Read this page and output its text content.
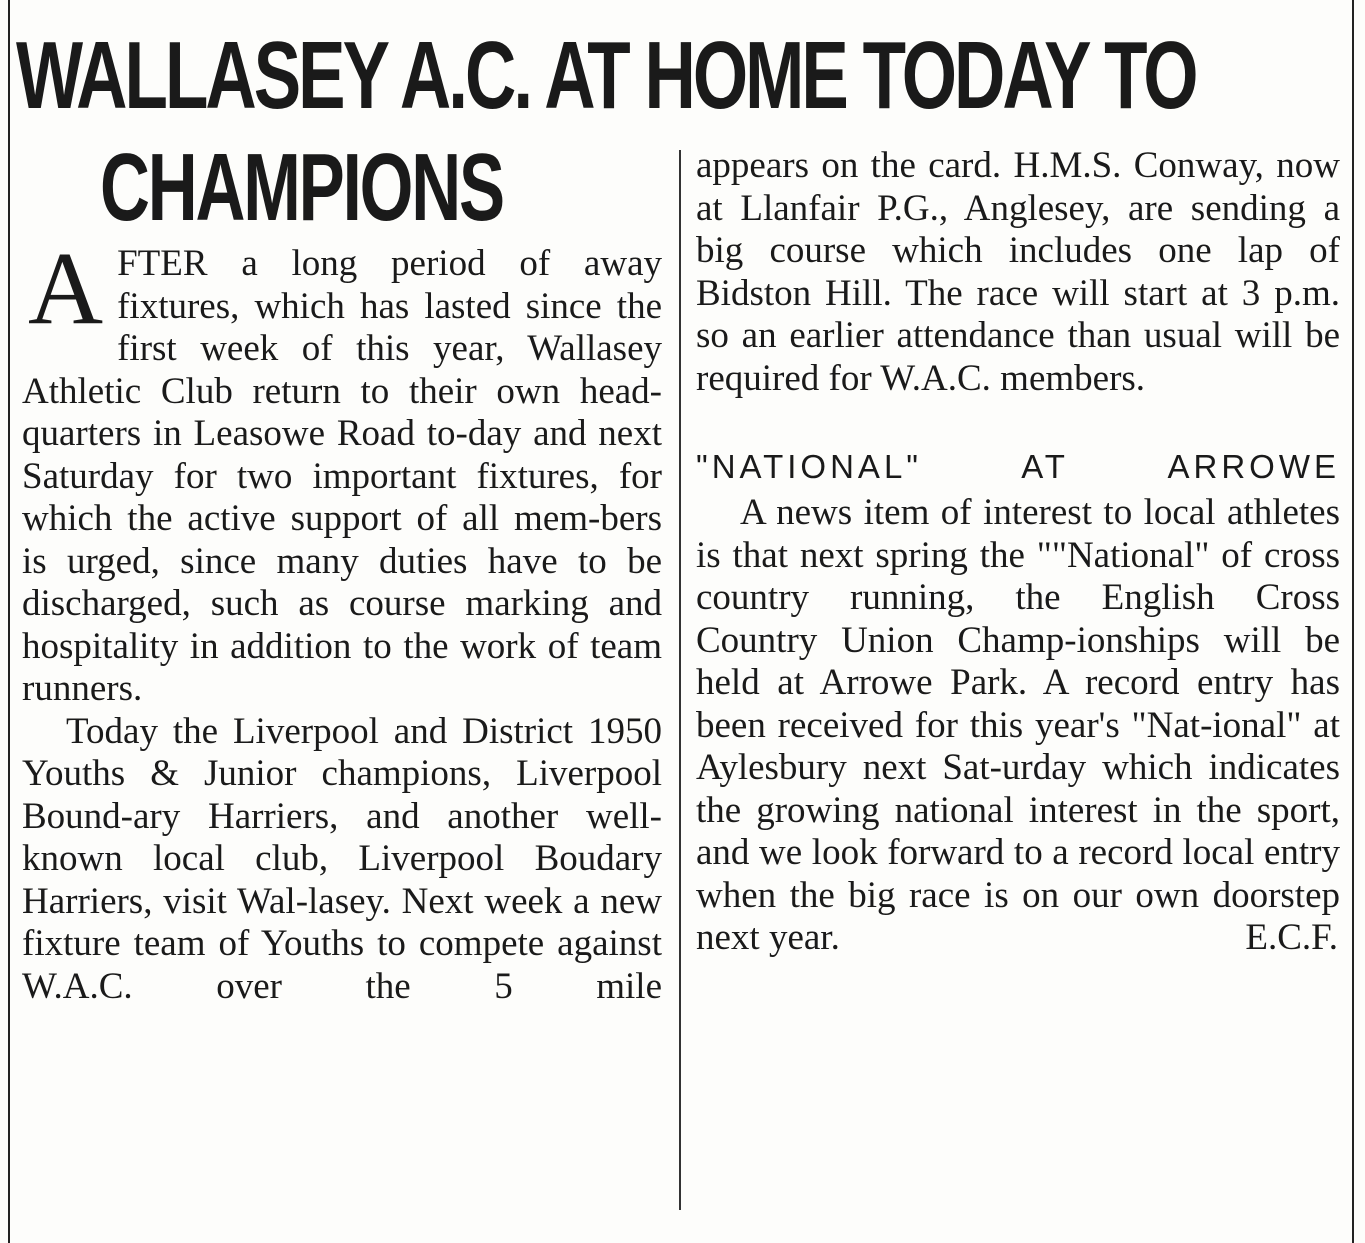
WALLASEY A.C. AT HOME TODAY TO
CHAMPIONS

AFTER a long period of away fixtures, which has lasted since the first week of this year, Wallasey Athletic Club return to their own head-quarters in Leasowe Road to-day and next Saturday for two important fixtures, for which the active support of all mem-bers is urged, since many duties have to be discharged, such as course marking and hospitality in addition to the work of team runners.

Today the Liverpool and District 1950 Youths & Junior champions, Liverpool Bound-ary Harriers, and another well-known local club, Liverpool Boudary Harriers, visit Wal-lasey. Next week a new fixture team of Youths to compete against W.A.C. over the 5 mile

appears on the card. H.M.S. Conway, now at Llanfair P.G., Anglesey, are sending a big course which includes one lap of Bidston Hill. The race will start at 3 p.m. so an earlier attendance than usual will be required for W.A.C. members.

"NATIONAL" AT ARROWE

A news item of interest to local athletes is that next spring the ""National" of cross country running, the English Cross Country Union Champ-ionships will be held at Arrowe Park. A record entry has been received for this year's "Nat-ional" at Aylesbury next Sat-urday which indicates the growing national interest in the sport, and we look forward to a record local entry when the big race is on our own doorstep

next year.	E.C.F.
